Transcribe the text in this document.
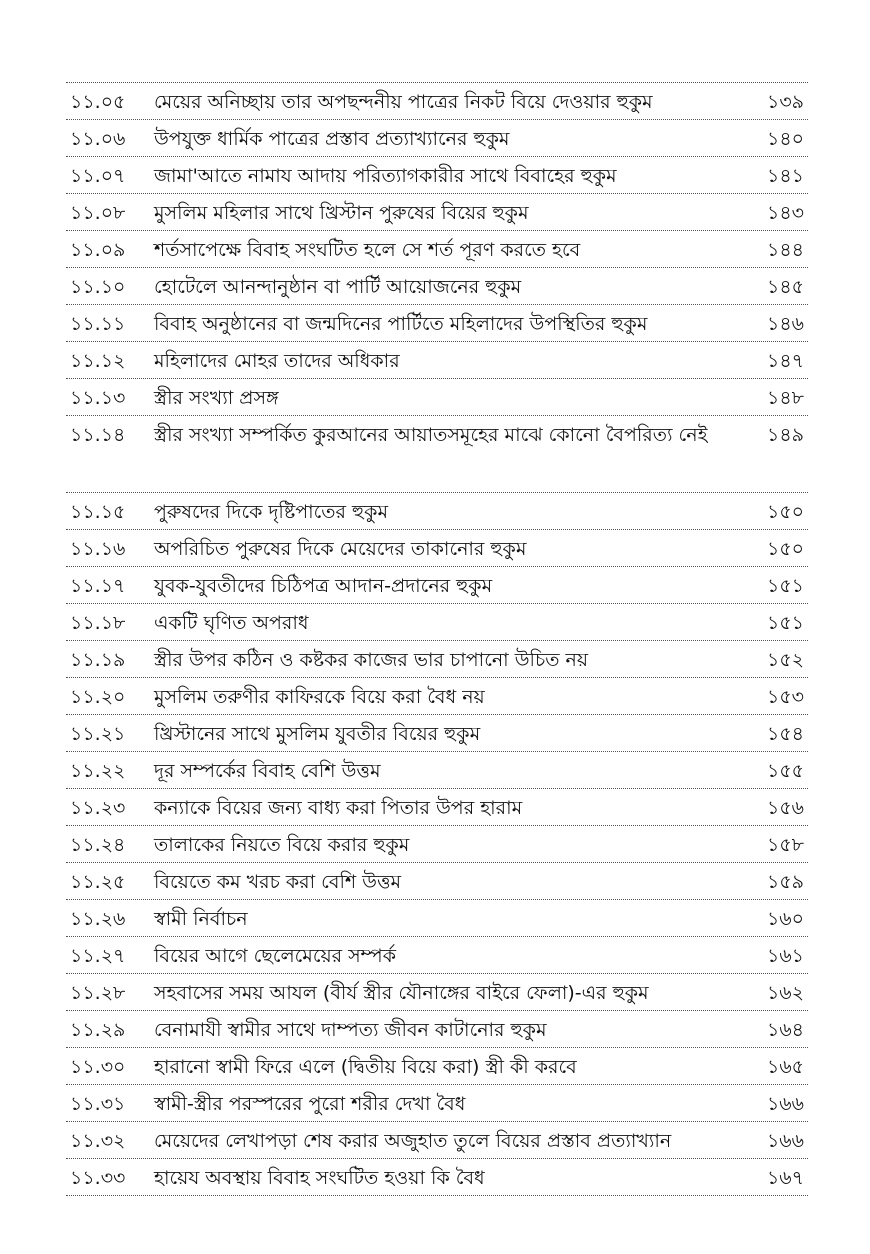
১১.০৫	মেয়ের অনিচ্ছায় তার অপছন্দনীয় পাত্রের নিকট বিয়ে দেওয়ার হুকুম	১৩৯
১১.০৬	উপযুক্ত ধার্মিক পাত্রের প্রস্তাব প্রত্যাখ্যানের হুকুম	১৪০
১১.০৭	জামা'আতে নামায আদায় পরিত্যাগকারীর সাথে বিবাহের হুকুম	১৪১
১১.০৮	মুসলিম মহিলার সাথে খ্রিস্টান পুরুষের বিয়ের হুকুম	১৪৩
১১.০৯	শর্তসাপেক্ষে বিবাহ সংঘটিত হলে সে শর্ত পূরণ করতে হবে	১৪৪
১১.১০	হোটেলে আনন্দানুষ্ঠান বা পার্টি আয়োজনের হুকুম	১৪৫
১১.১১	বিবাহ অনুষ্ঠানের বা জন্মদিনের পার্টিতে মহিলাদের উপস্থিতির হুকুম	১৪৬
১১.১২	মহিলাদের মোহর তাদের অধিকার	১৪৭
১১.১৩	স্ত্রীর সংখ্যা প্রসঙ্গ	১৪৮
১১.১৪	স্ত্রীর সংখ্যা সম্পর্কিত কুরআনের আয়াতসমূহের মাঝে কোনো বৈপরিত্য নেই	১৪৯
১১.১৫	পুরুষদের দিকে দৃষ্টিপাতের হুকুম	১৫০
১১.১৬	অপরিচিত পুরুষের দিকে মেয়েদের তাকানোর হুকুম	১৫০
১১.১৭	যুবক-যুবতীদের চিঠিপত্র আদান-প্রদানের হুকুম	১৫১
১১.১৮	একটি ঘৃণিত অপরাধ	১৫১
১১.১৯	স্ত্রীর উপর কঠিন ও কষ্টকর কাজের ভার চাপানো উচিত নয়	১৫২
১১.২০	মুসলিম তরুণীর কাফিরকে বিয়ে করা বৈধ নয়	১৫৩
১১.২১	খ্রিস্টানের সাথে মুসলিম যুবতীর বিয়ের হুকুম	১৫৪
১১.২২	দূর সম্পর্কের বিবাহ বেশি উত্তম	১৫৫
১১.২৩	কন্যাকে বিয়ের জন্য বাধ্য করা পিতার উপর হারাম	১৫৬
১১.২৪	তালাকের নিয়তে বিয়ে করার হুকুম	১৫৮
১১.২৫	বিয়েতে কম খরচ করা বেশি উত্তম	১৫৯
১১.২৬	স্বামী নির্বাচন	১৬০
১১.২৭	বিয়ের আগে ছেলেমেয়ের সম্পর্ক	১৬১
১১.২৮	সহবাসের সময় আযল (বীর্য স্ত্রীর যৌনাঙ্গের বাইরে ফেলা)-এর হুকুম	১৬২
১১.২৯	বেনামাযী স্বামীর সাথে দাম্পত্য জীবন কাটানোর হুকুম	১৬৪
১১.৩০	হারানো স্বামী ফিরে এলে (দ্বিতীয় বিয়ে করা) স্ত্রী কী করবে	১৬৫
১১.৩১	স্বামী-স্ত্রীর পরস্পরের পুরো শরীর দেখা বৈধ	১৬৬
১১.৩২	মেয়েদের লেখাপড়া শেষ করার অজুহাত তুলে বিয়ের প্রস্তাব প্রত্যাখ্যান	১৬৬
১১.৩৩	হায়েয অবস্থায় বিবাহ সংঘটিত হওয়া কি বৈধ	১৬৭
